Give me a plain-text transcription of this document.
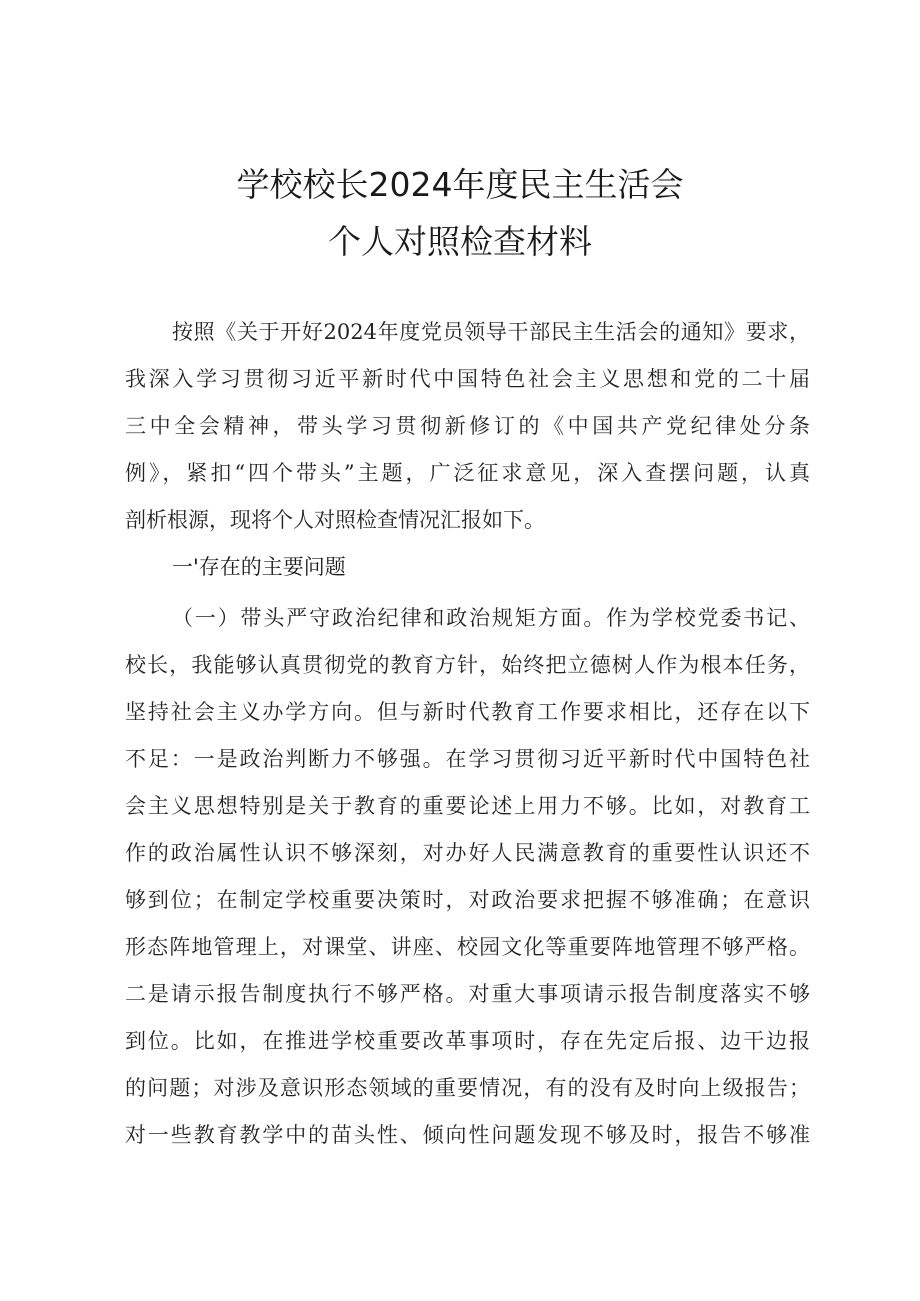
学校校长2024年度民主生活会
个人对照检查材料
按照《关于开好2024年度党员领导干部民主生活会的通知》要求，
我深入学习贯彻习近平新时代中国特色社会主义思想和党的二十届
三中全会精神，带头学习贯彻新修订的《中国共产党纪律处分条
例》，紧扣“四个带头”主题，广泛征求意见，深入查摆问题，认真
剖析根源，现将个人对照检查情况汇报如下。
一'存在的主要问题
（一）带头严守政治纪律和政治规矩方面。作为学校党委书记、
校长，我能够认真贯彻党的教育方针，始终把立德树人作为根本任务，
坚持社会主义办学方向。但与新时代教育工作要求相比，还存在以下
不足：一是政治判断力不够强。在学习贯彻习近平新时代中国特色社
会主义思想特别是关于教育的重要论述上用力不够。比如，对教育工
作的政治属性认识不够深刻，对办好人民满意教育的重要性认识还不
够到位；在制定学校重要决策时，对政治要求把握不够准确；在意识
形态阵地管理上，对课堂、讲座、校园文化等重要阵地管理不够严格。
二是请示报告制度执行不够严格。对重大事项请示报告制度落实不够
到位。比如，在推进学校重要改革事项时，存在先定后报、边干边报
的问题；对涉及意识形态领域的重要情况，有的没有及时向上级报告；
对一些教育教学中的苗头性、倾向性问题发现不够及时，报告不够准
